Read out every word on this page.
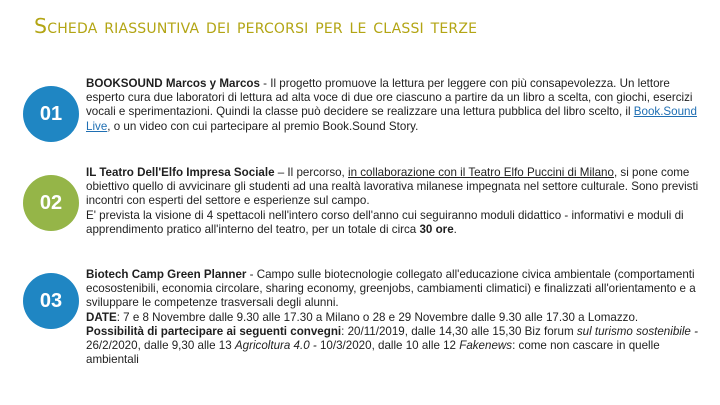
Scheda riassuntiva dei percorsi per le classi terze
01
BOOKSOUND Marcos y Marcos - Il progetto promuove la lettura per leggere con più consapevolezza. Un lettore esperto cura due laboratori di lettura ad alta voce di due ore ciascuno a partire da un libro a scelta, con giochi, esercizi vocali e sperimentazioni. Quindi la classe può decidere se realizzare una lettura pubblica del libro scelto, il Book.Sound Live, o un video con cui partecipare al premio Book.Sound Story.
02
IL Teatro Dell'Elfo Impresa Sociale – Il percorso, in collaborazione con il Teatro Elfo Puccini di Milano, si pone come obiettivo quello di avvicinare gli studenti ad una realtà lavorativa milanese impegnata nel settore culturale. Sono previsti incontri con esperti del settore e esperienze sul campo.
E' prevista la visione di 4 spettacoli nell'intero corso dell'anno cui seguiranno moduli didattico - informativi e moduli di apprendimento pratico all'interno del teatro, per un totale di circa 30 ore.
03
Biotech Camp Green Planner - Campo sulle biotecnologie collegato all'educazione civica ambientale (comportamenti ecosostenibili, economia circolare, sharing economy, greenjobs, cambiamenti climatici) e finalizzati all'orientamento e a sviluppare le competenze trasversali degli alunni.
DATE: 7 e 8 Novembre dalle 9.30 alle 17.30 a Milano o 28 e 29 Novembre dalle 9.30 alle 17.30 a Lomazzo.
Possibilità di partecipare ai seguenti convegni: 20/11/2019, dalle 14,30 alle 15,30 Biz forum sul turismo sostenibile - 26/2/2020, dalle 9,30 alle 13 Agricoltura 4.0 - 10/3/2020, dalle 10 alle 12 Fakenews: come non cascare in quelle ambientali
